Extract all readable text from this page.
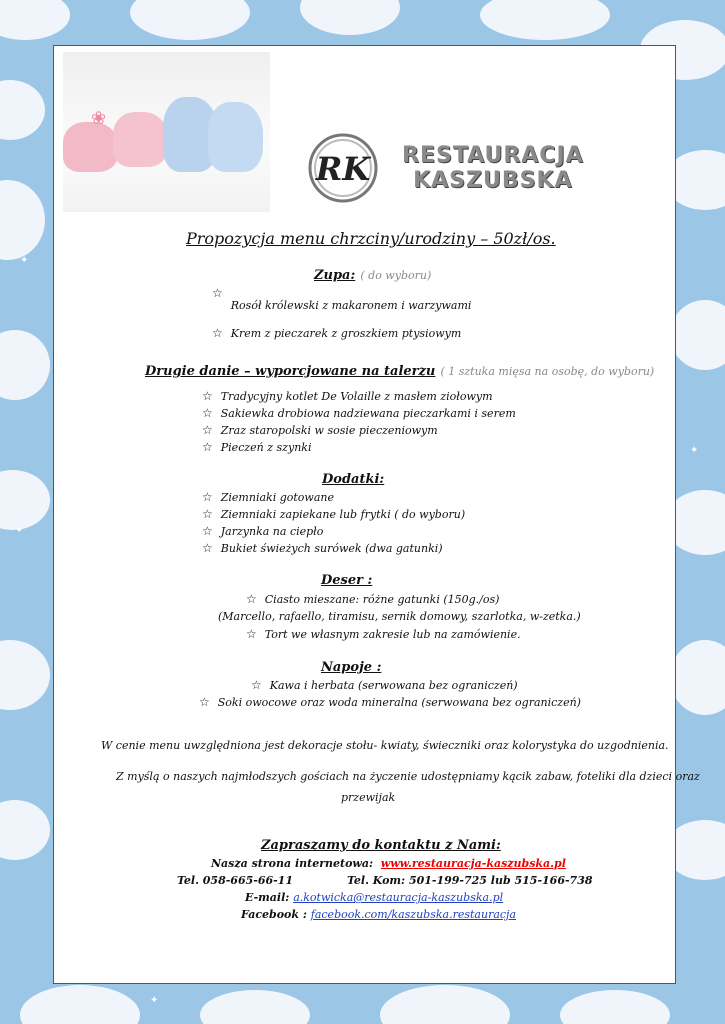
✦
✦
✦
✦
❀
RK RESTAURACJA
KASZUBSKA
Propozycja menu chrzciny/urodziny – 50zł/os.
Zupa: ( do wyboru)
☆Rosół królewski z makaronem i warzywami
☆ Krem z pieczarek z groszkiem ptysiowym
Drugie danie – wyporcjowane na talerzu ( 1 sztuka mięsa na osobę, do wyboru)
☆ Tradycyjny kotlet De Volaille z masłem ziołowym
☆ Sakiewka drobiowa nadziewana pieczarkami i serem
☆ Zraz staropolski w sosie pieczeniowym
☆ Pieczeń z szynki
Dodatki:
☆ Ziemniaki gotowane
☆ Ziemniaki zapiekane lub frytki ( do wyboru)
☆ Jarzynka na ciepło
☆ Bukiet świeżych surówek (dwa gatunki)
Deser :
☆ Ciasto mieszane: różne gatunki (150g./os)
(Marcello, rafaello, tiramisu, sernik domowy, szarlotka, w-zetka.)
☆ Tort we własnym zakresie lub na zamówienie.
Napoje :
☆ Kawa i herbata (serwowana bez ograniczeń)
☆ Soki owocowe oraz woda mineralna (serwowana bez ograniczeń)
W cenie menu uwzględniona jest dekoracje stołu- kwiaty, świeczniki oraz kolorystyka do uzgodnienia.
Z myślą o naszych najmłodszych gościach na życzenie udostępniamy kącik zabaw, foteliki dla dzieci oraz
przewijak
Zapraszamy do kontaktu z Nami:
Nasza strona internetowa: www.restauracja-kaszubska.pl
Tel. 058-665-66-11	Tel. Kom: 501-199-725 lub 515-166-738
E-mail: a.kotwicka@restauracja-kaszubska.pl
Facebook : facebook.com/kaszubska.restauracja
